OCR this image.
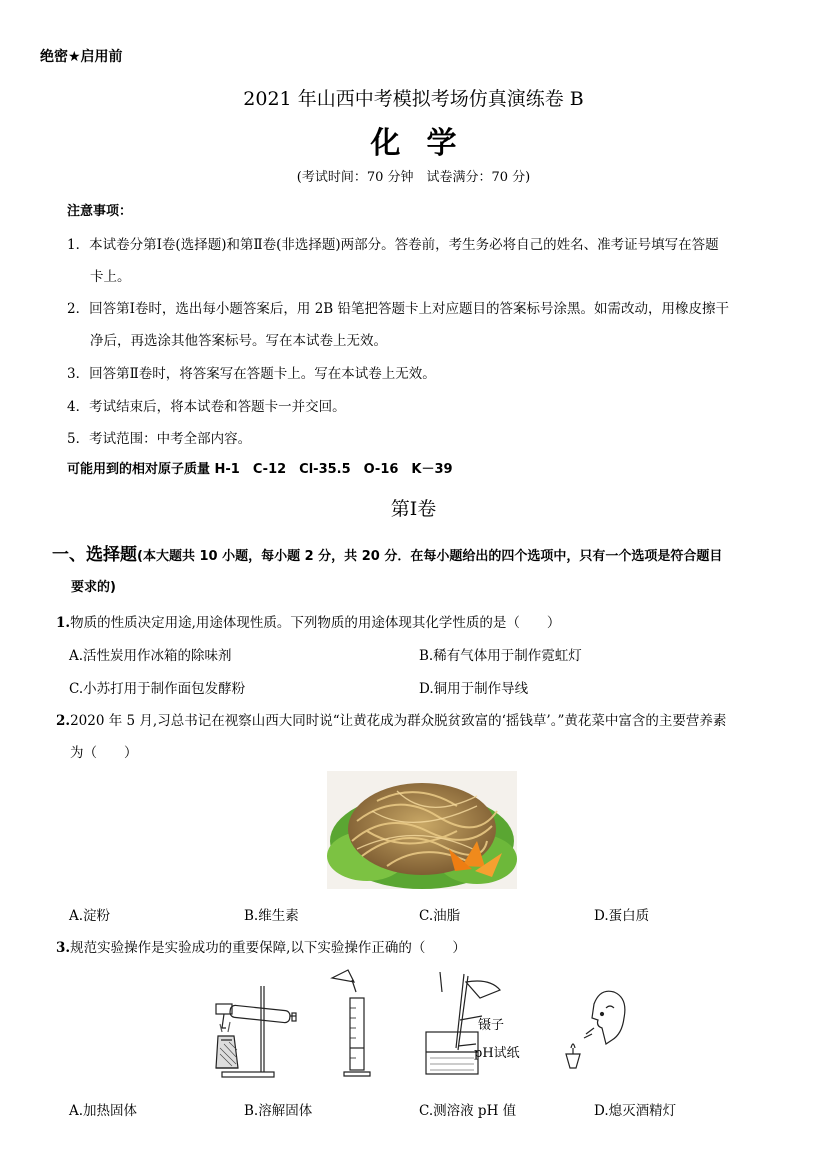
绝密★启用前
2021 年山西中考模拟考场仿真演练卷 B
化学
(考试时间：70 分钟　试卷满分：70 分)
注意事项：
1．本试卷分第Ⅰ卷(选择题)和第Ⅱ卷(非选择题)两部分。答卷前，考生务必将自己的姓名、准考证号填写在答题
卡上。
2．回答第Ⅰ卷时，选出每小题答案后，用 2B 铅笔把答题卡上对应题目的答案标号涂黑。如需改动，用橡皮擦干
净后，再选涂其他答案标号。写在本试卷上无效。
3．回答第Ⅱ卷时，将答案写在答题卡上。写在本试卷上无效。
4．考试结束后，将本试卷和答题卡一并交回。
5．考试范围：中考全部内容。
可能用到的相对原子质量 H-1　C-12　Cl-35.5　O-16　K－39
第Ⅰ卷
一、选择题(本大题共 10 小题，每小题 2 分，共 20 分．在每小题给出的四个选项中，只有一个选项是符合题目
要求的)
1.物质的性质决定用途,用途体现性质。下列物质的用途体现其化学性质的是（　　）
A.活性炭用作冰箱的除味剂	B.稀有气体用于制作霓虹灯
C.小苏打用于制作面包发酵粉	D.铜用于制作导线
2.2020 年 5 月,习总书记在视察山西大同时说“让黄花成为群众脱贫致富的‘摇钱草’。”黄花菜中富含的主要营养素
为（　　）
A.淀粉	B.维生素	C.油脂	D.蛋白质
3.规范实验操作是实验成功的重要保障,以下实验操作正确的（　　）
镊子
pH试纸
A.加热固体	B.溶解固体	C.测溶液 pH 值	D.熄灭酒精灯
